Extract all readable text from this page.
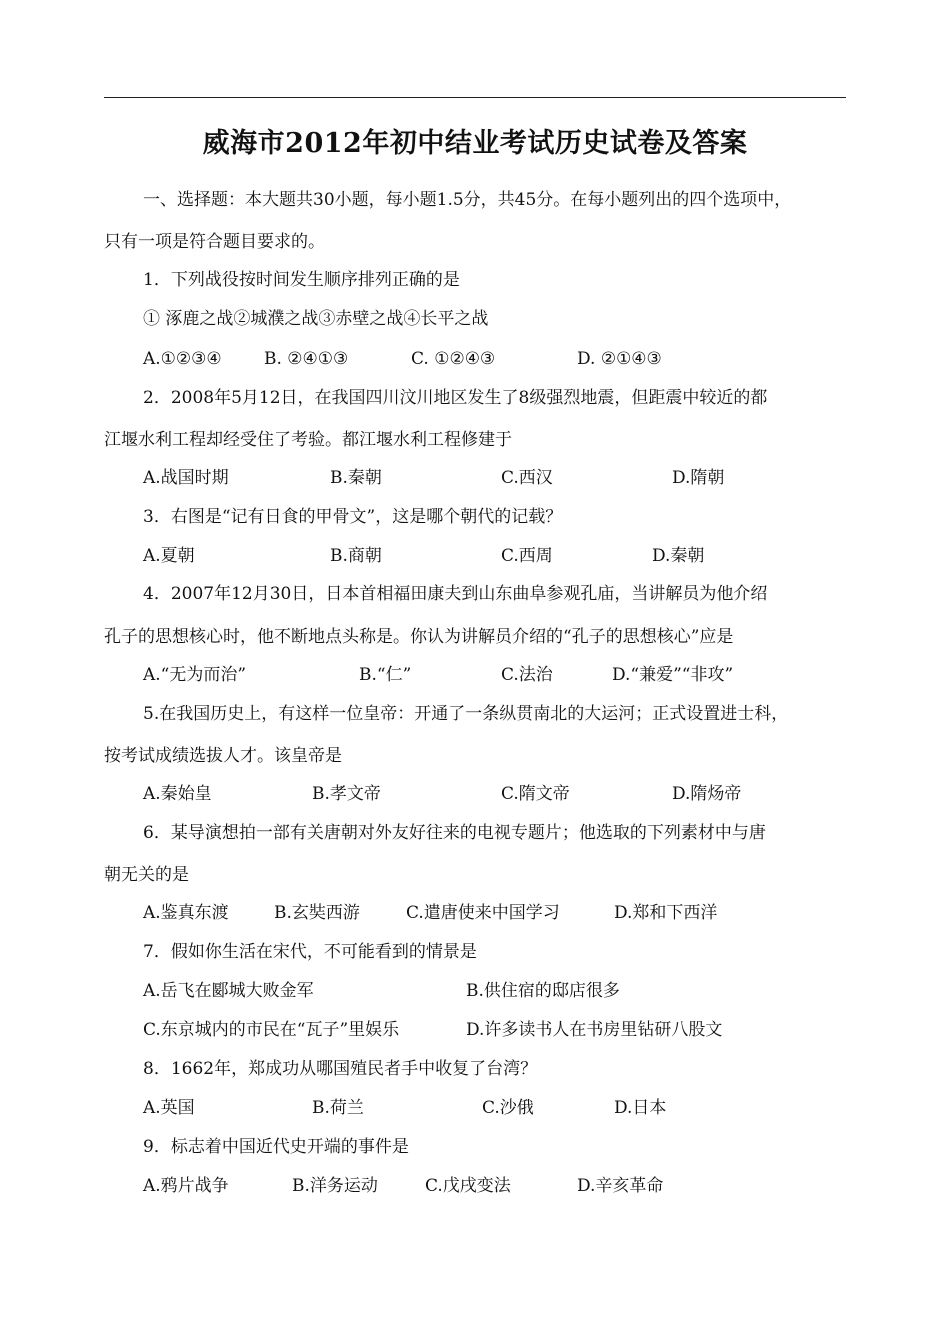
威海市2012年初中结业考试历史试卷及答案
一、选择题：本大题共30小题，每小题1.5分，共45分。在每小题列出的四个选项中，
只有一项是符合题目要求的。
1．下列战役按时间发生顺序排列正确的是
① 涿鹿之战②城濮之战③赤壁之战④长平之战
A.①②③④ B. ②④①③	C. ①②④③	D. ②①④③
2．2008年5月12日，在我国四川汶川地区发生了8级强烈地震，但距震中较近的都
江堰水利工程却经受住了考验。都江堰水利工程修建于
A.战国时期	B.秦朝	C.西汉	D.隋朝
3．右图是“记有日食的甲骨文”，这是哪个朝代的记载？
A.夏朝	B.商朝	C.西周	D.秦朝
4．2007年12月30日，日本首相福田康夫到山东曲阜参观孔庙，当讲解员为他介绍
孔子的思想核心时，他不断地点头称是。你认为讲解员介绍的“孔子的思想核心”应是
A.“无为而治”	B.“仁”	C.法治	D.“兼爱”“非攻”
5.在我国历史上，有这样一位皇帝：开通了一条纵贯南北的大运河；正式设置进士科，
按考试成绩选拔人才。该皇帝是
A.秦始皇	B.孝文帝	C.隋文帝	D.隋炀帝
6．某导演想拍一部有关唐朝对外友好往来的电视专题片；他选取的下列素材中与唐
朝无关的是
A.鉴真东渡	B.玄奘西游	C.遣唐使来中国学习	D.郑和下西洋
7．假如你生活在宋代，不可能看到的情景是
A.岳飞在郾城大败金军	B.供住宿的邸店很多
C.东京城内的市民在“瓦子”里娱乐	D.许多读书人在书房里钻研八股文
8．1662年，郑成功从哪国殖民者手中收复了台湾？
A.英国	B.荷兰	C.沙俄	D.日本
9．标志着中国近代史开端的事件是
A.鸦片战争	B.洋务运动	C.戊戌变法	D.辛亥革命
